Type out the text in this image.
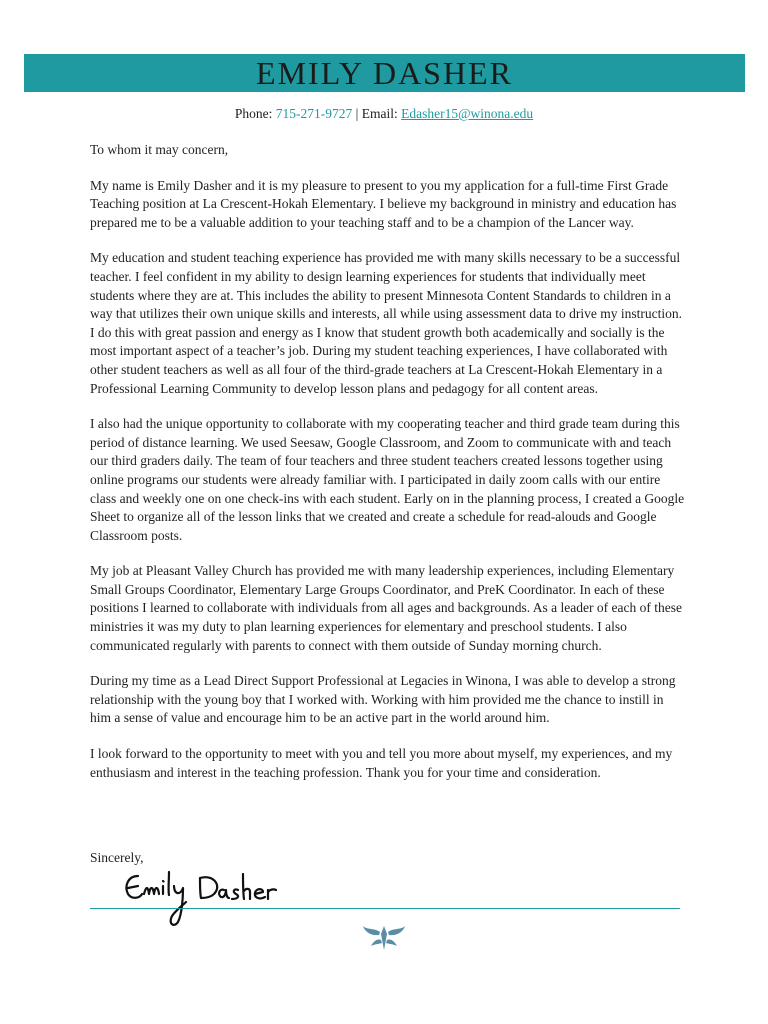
EMILY DASHER
Phone: 715-271-9727 | Email: Edasher15@winona.edu

To whom it may concern,

My name is Emily Dasher and it is my pleasure to present to you my application for a full-time First Grade Teaching position at La Crescent-Hokah Elementary. I believe my background in ministry and education has prepared me to be a valuable addition to your teaching staff and to be a champion of the Lancer way.

My education and student teaching experience has provided me with many skills necessary to be a successful teacher. I feel confident in my ability to design learning experiences for students that individually meet students where they are at. This includes the ability to present Minnesota Content Standards to children in a way that utilizes their own unique skills and interests, all while using assessment data to drive my instruction. I do this with great passion and energy as I know that student growth both academically and socially is the most important aspect of a teacher’s job. During my student teaching experiences, I have collaborated with other student teachers as well as all four of the third-grade teachers at La Crescent-Hokah Elementary in a Professional Learning Community to develop lesson plans and pedagogy for all content areas.

I also had the unique opportunity to collaborate with my cooperating teacher and third grade team during this period of distance learning. We used Seesaw, Google Classroom, and Zoom to communicate with and teach our third graders daily. The team of four teachers and three student teachers created lessons together using online programs our students were already familiar with. I participated in daily zoom calls with our entire class and weekly one on one check-ins with each student. Early on in the planning process, I created a Google Sheet to organize all of the lesson links that we created and create a schedule for read-alouds and Google Classroom posts.

My job at Pleasant Valley Church has provided me with many leadership experiences, including Elementary Small Groups Coordinator, Elementary Large Groups Coordinator, and PreK Coordinator. In each of these positions I learned to collaborate with individuals from all ages and backgrounds. As a leader of each of these ministries it was my duty to plan learning experiences for elementary and preschool students. I also communicated regularly with parents to connect with them outside of Sunday morning church.

During my time as a Lead Direct Support Professional at Legacies in Winona, I was able to develop a strong relationship with the young boy that I worked with. Working with him provided me the chance to instill in him a sense of value and encourage him to be an active part in the world around him.

I look forward to the opportunity to meet with you and tell you more about myself, my experiences, and my enthusiasm and interest in the teaching profession. Thank you for your time and consideration.

Sincerely,
